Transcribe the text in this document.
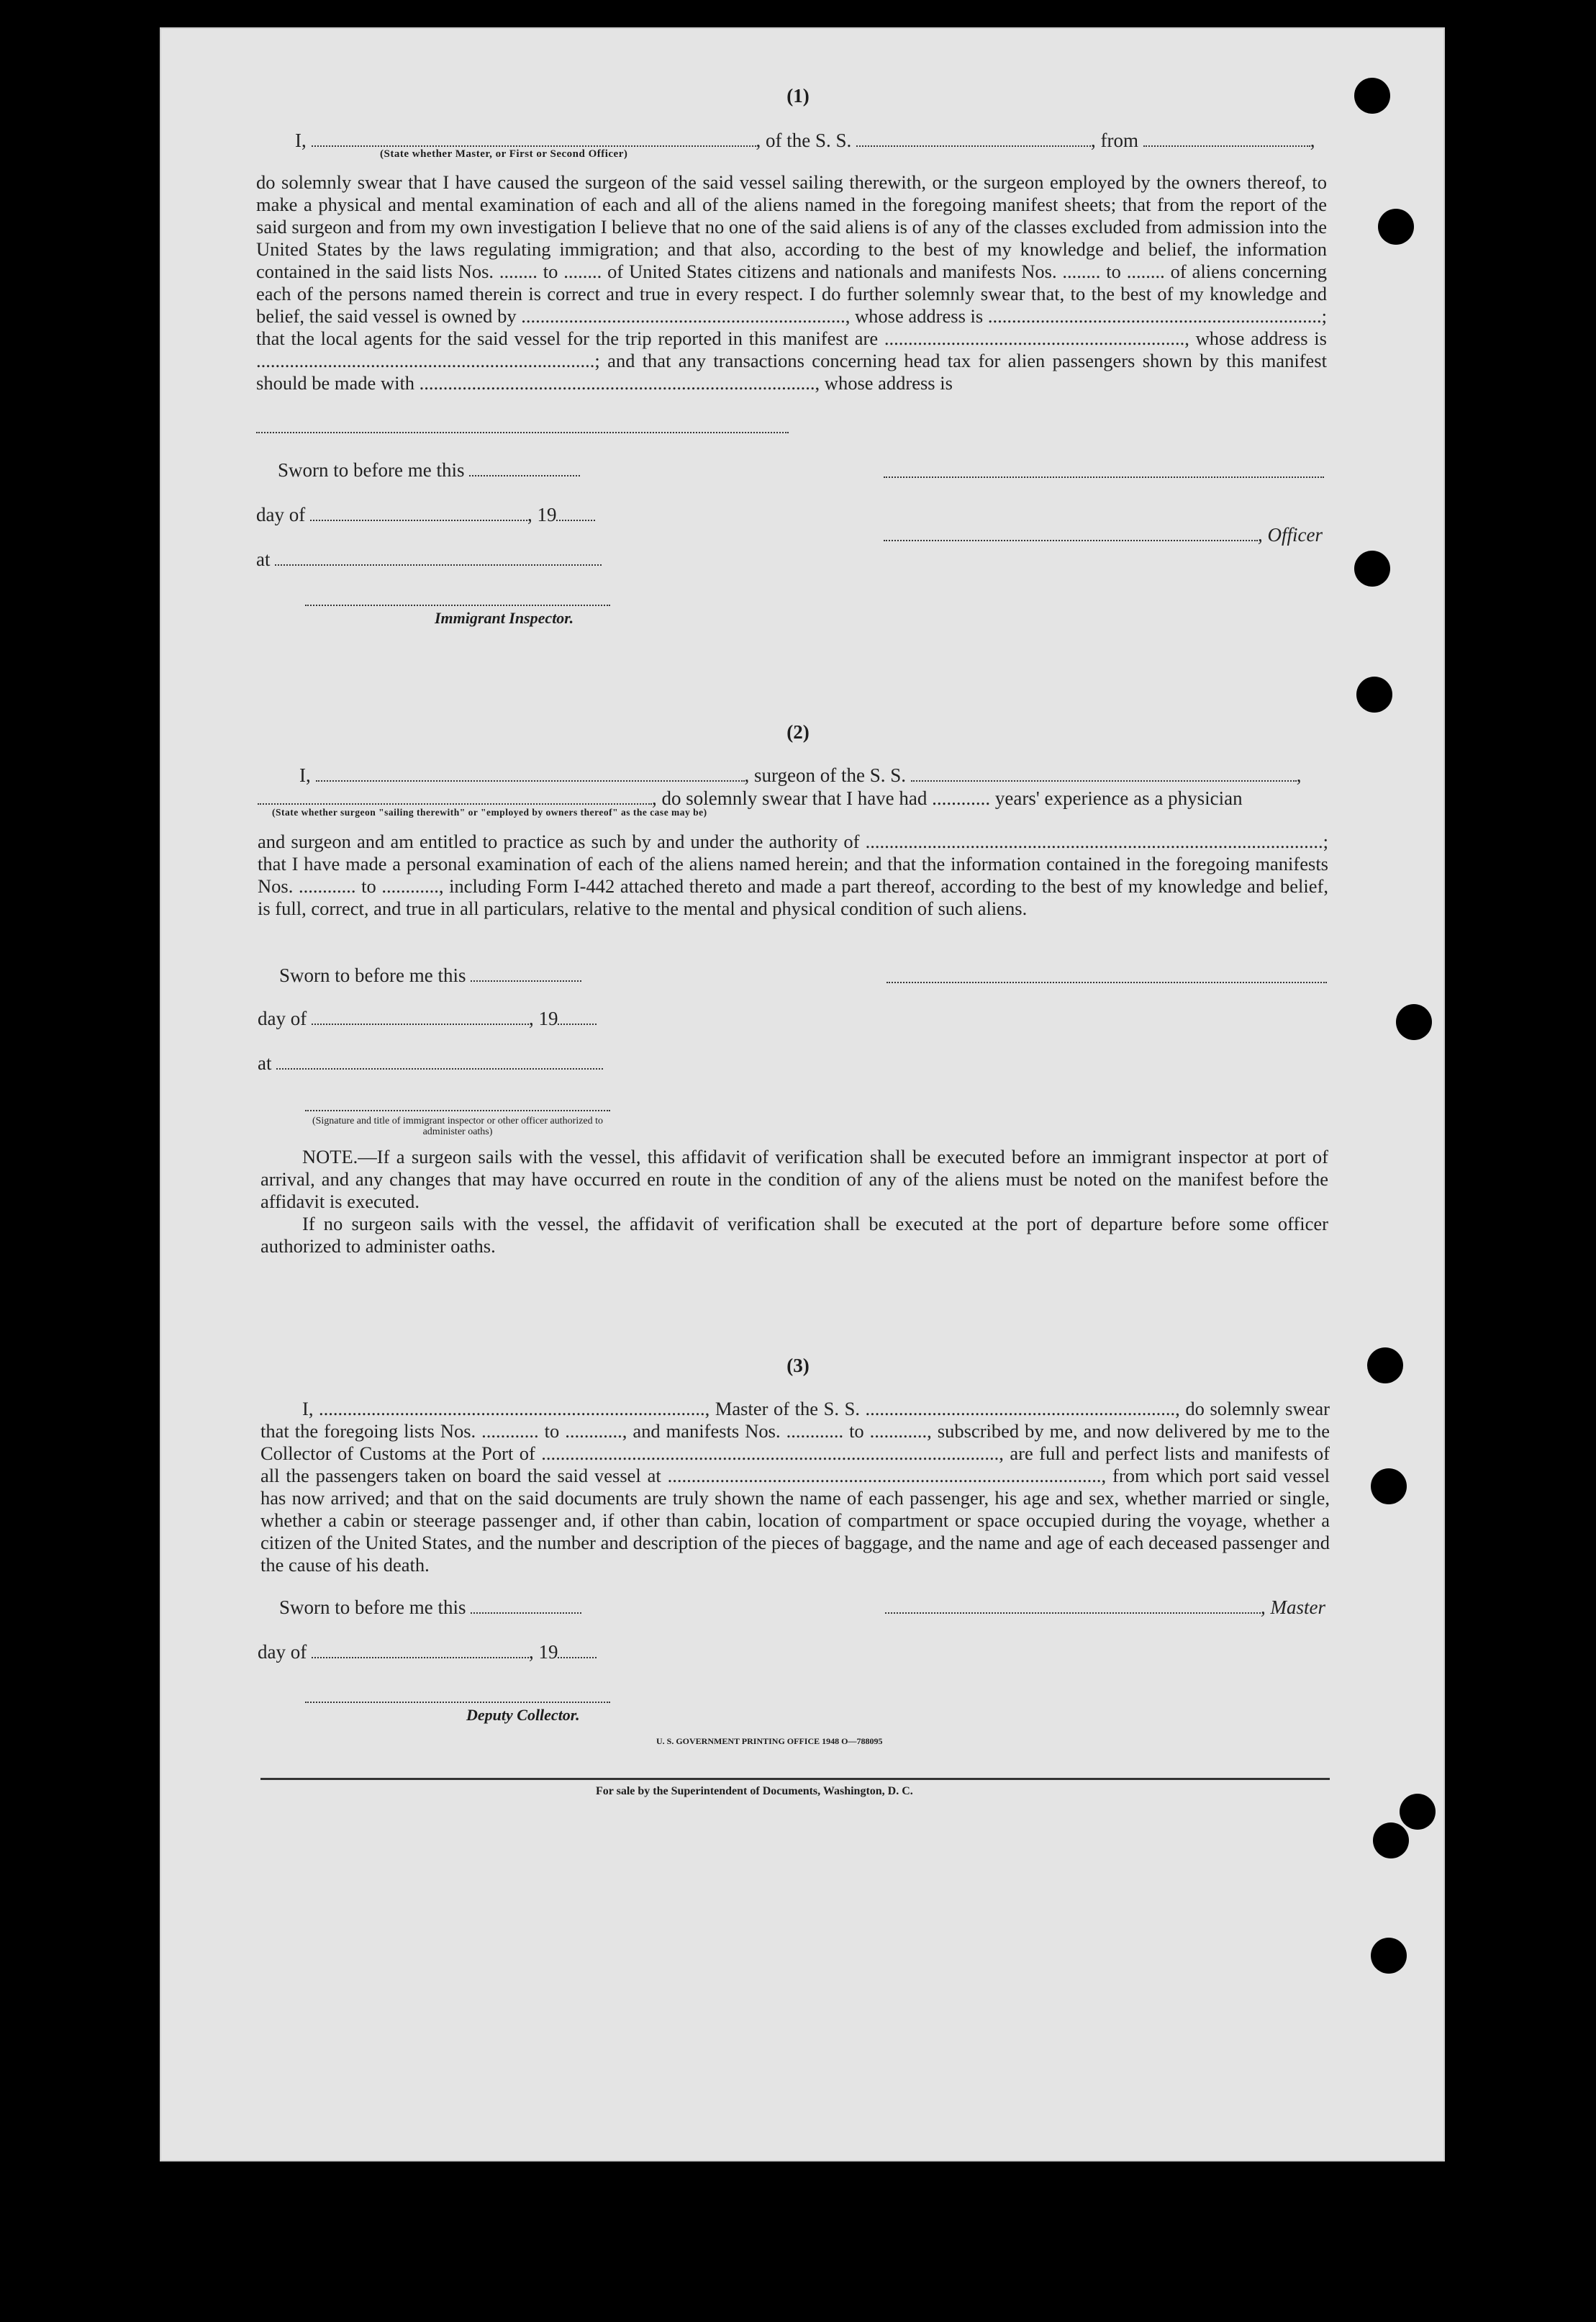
(1)
I,	, of the S. S.	, from	,
(State whether Master, or First or Second Officer)

do solemnly swear that I have caused the surgeon of the said vessel sailing therewith, or the surgeon employed by the owners thereof, to make a physical and mental examination of each and all of the aliens named in the foregoing manifest sheets; that from the report of the said surgeon and from my own investigation I believe that no one of the said aliens is of any of the classes excluded from admission into the United States by the laws regulating immigration; and that also, according to the best of my knowledge and belief, the information contained in the said lists Nos. ........ to ........ of United States citizens and nationals and manifests Nos. ........ to ........ of aliens concerning each of the persons named therein is correct and true in every respect. I do further solemnly swear that, to the best of my knowledge and belief, the said vessel is owned by ...................................................................., whose address is ......................................................................; that the local agents for the said vessel for the trip reported in this manifest are ..............................................................., whose address is .......................................................................; and that any transactions concerning head tax for alien passengers shown by this manifest should be made with ..................................................................................., whose address is

Sworn to before me this
day of	, 19
, Officer
at
Immigrant Inspector.
(2)
I,	, surgeon of the S. S.	,
, do solemnly swear that I have had ............ years' experience as a physician
(State whether surgeon "sailing therewith" or "employed by owners thereof" as the case may be)

and surgeon and am entitled to practice as such by and under the authority of ................................................................................................; that I have made a personal examination of each of the aliens named herein; and that the information contained in the foregoing manifests Nos. ............ to ............, including Form I-442 attached thereto and made a part thereof, according to the best of my knowledge and belief, is full, correct, and true in all particulars, relative to the mental and physical condition of such aliens.

Sworn to before me this
day of	, 19
at
(Signature and title of immigrant inspector or other officer authorized to administer oaths)

NOTE.—If a surgeon sails with the vessel, this affidavit of verification shall be executed before an immigrant inspector at port of arrival, and any changes that may have occurred en route in the condition of any of the aliens must be noted on the manifest before the affidavit is executed.

If no surgeon sails with the vessel, the affidavit of verification shall be executed at the port of departure before some officer authorized to administer oaths.

(3)

I, ................................................................................., Master of the S. S. ................................................................., do solemnly swear that the foregoing lists Nos. ............ to ............, and manifests Nos. ............ to ............, subscribed by me, and now delivered by me to the Collector of Customs at the Port of ................................................................................................, are full and perfect lists and manifests of all the passengers taken on board the said vessel at ..........................................................................................., from which port said vessel has now arrived; and that on the said documents are truly shown the name of each passenger, his age and sex, whether married or single, whether a cabin or steerage passenger and, if other than cabin, location of compartment or space occupied during the voyage, whether a citizen of the United States, and the number and description of the pieces of baggage, and the name and age of each deceased passenger and the cause of his death.

Sworn to before me this	, Master
day of	, 19
Deputy Collector.
U. S. GOVERNMENT PRINTING OFFICE 1948 O—788095
For sale by the Superintendent of Documents, Washington, D. C.
